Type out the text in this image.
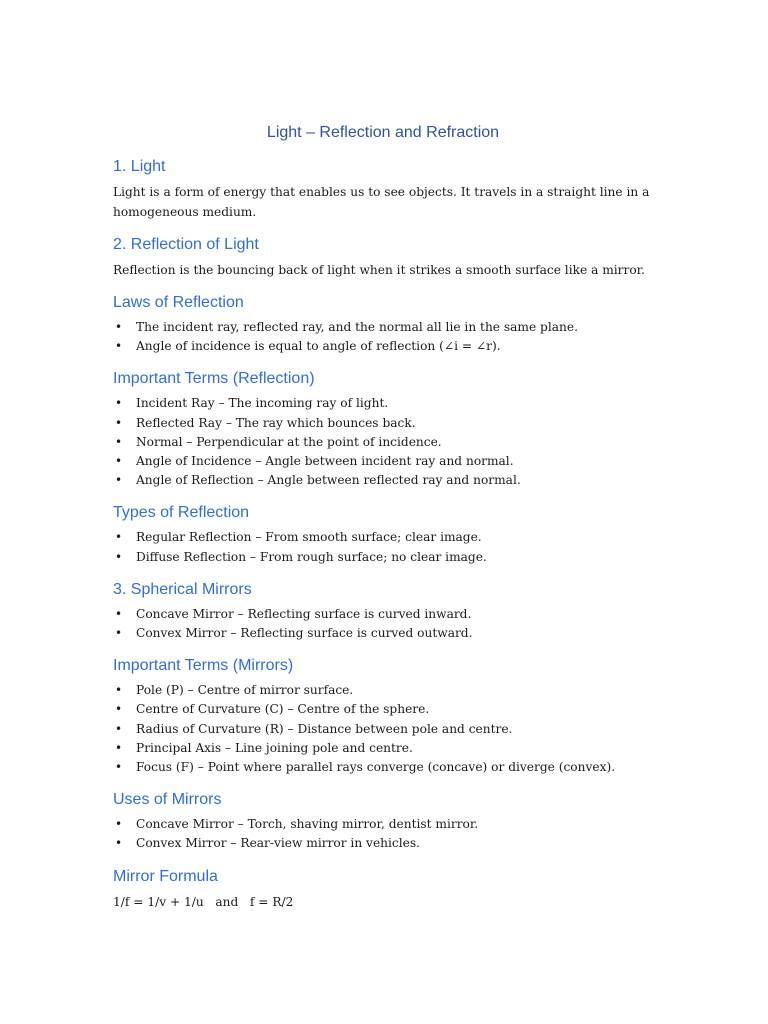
Light – Reflection and Refraction
1. Light

Light is a form of energy that enables us to see objects. It travels in a straight line in a homogeneous medium.

2. Reflection of Light

Reflection is the bouncing back of light when it strikes a smooth surface like a mirror.

Laws of Reflection
• The incident ray, reflected ray, and the normal all lie in the same plane.
• Angle of incidence is equal to angle of reflection (∠i = ∠r).
Important Terms (Reflection)
• Incident Ray – The incoming ray of light.
• Reflected Ray – The ray which bounces back.
• Normal – Perpendicular at the point of incidence.
• Angle of Incidence – Angle between incident ray and normal.
• Angle of Reflection – Angle between reflected ray and normal.
Types of Reflection
• Regular Reflection – From smooth surface; clear image.
• Diffuse Reflection – From rough surface; no clear image.
3. Spherical Mirrors
• Concave Mirror – Reflecting surface is curved inward.
• Convex Mirror – Reflecting surface is curved outward.
Important Terms (Mirrors)
• Pole (P) – Centre of mirror surface.
• Centre of Curvature (C) – Centre of the sphere.
• Radius of Curvature (R) – Distance between pole and centre.
• Principal Axis – Line joining pole and centre.
• Focus (F) – Point where parallel rays converge (concave) or diverge (convex).
Uses of Mirrors
• Concave Mirror – Torch, shaving mirror, dentist mirror.
• Convex Mirror – Rear-view mirror in vehicles.
Mirror Formula

1/f = 1/v + 1/u   and   f = R/2
